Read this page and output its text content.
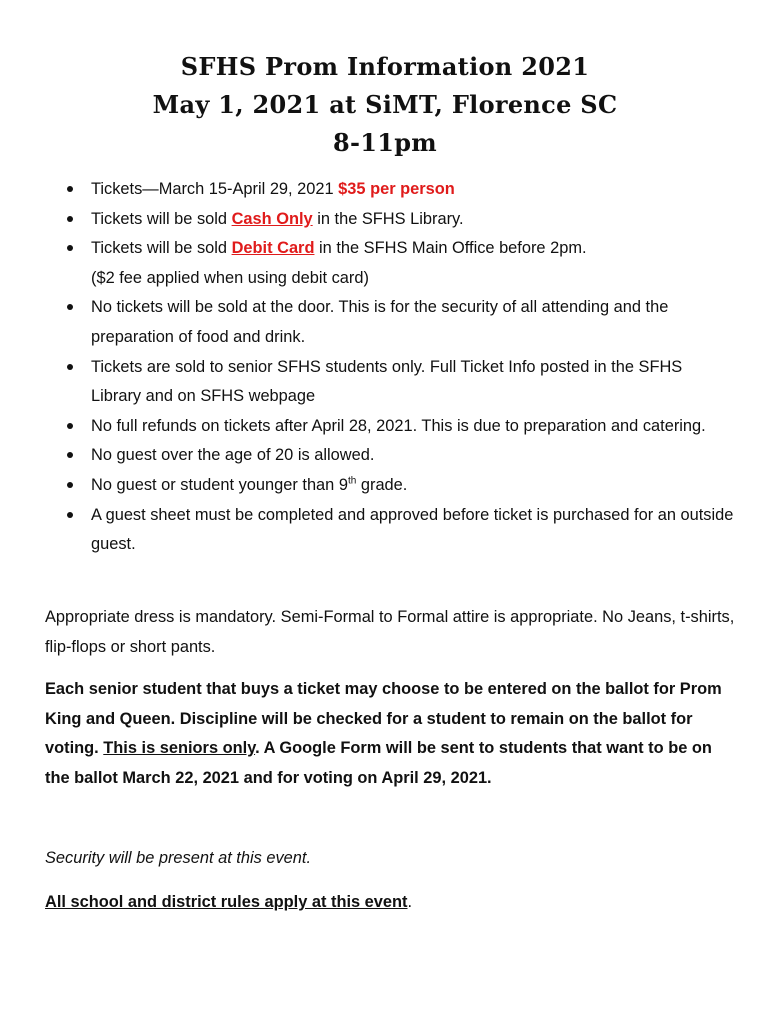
SFHS Prom Information 2021
May 1, 2021 at SiMT, Florence SC
8-11pm
Tickets—March 15-April 29, 2021 $35 per person
Tickets will be sold Cash Only in the SFHS Library.
Tickets will be sold Debit Card in the SFHS Main Office before 2pm.
($2 fee applied when using debit card)
No tickets will be sold at the door. This is for the security of all attending and the preparation of food and drink.
Tickets are sold to senior SFHS students only. Full Ticket Info posted in the SFHS Library and on SFHS webpage
No full refunds on tickets after April 28, 2021. This is due to preparation and catering.
No guest over the age of 20 is allowed.
No guest or student younger than 9th grade.
A guest sheet must be completed and approved before ticket is purchased for an outside guest.

Appropriate dress is mandatory. Semi-Formal to Formal attire is appropriate. No Jeans, t-shirts, flip-flops or short pants.

Each senior student that buys a ticket may choose to be entered on the ballot for Prom King and Queen. Discipline will be checked for a student to remain on the ballot for voting. This is seniors only. A Google Form will be sent to students that want to be on the ballot March 22, 2021 and for voting on April 29, 2021.

Security will be present at this event.

All school and district rules apply at this event.
